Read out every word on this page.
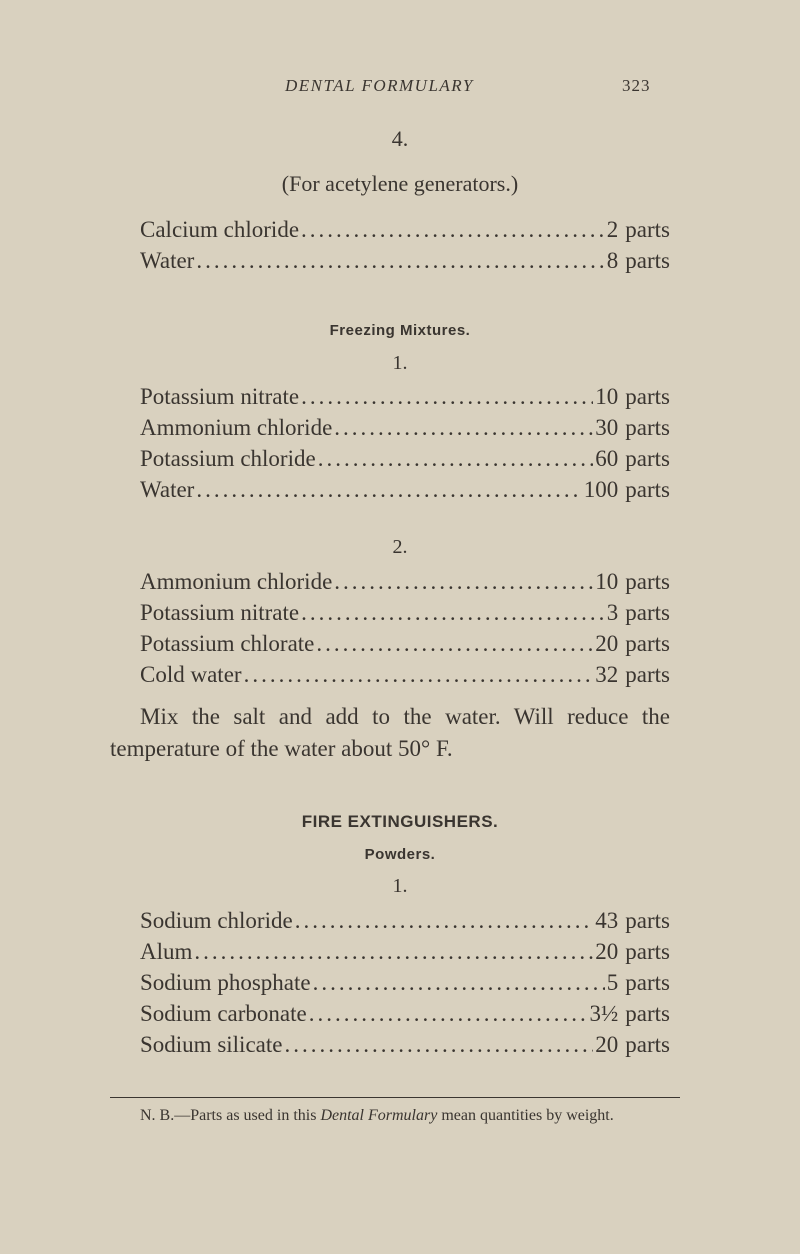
DENTAL FORMULARY	323
4.
(For acetylene generators.)
Calcium chloride .....	2 parts
Water .....	8 parts
Freezing Mixtures.
1.
Potassium nitrate .....	10 parts
Ammonium chloride .....	30 parts
Potassium chloride .....	60 parts
Water .....	100 parts
2.
Ammonium chloride .....	10 parts
Potassium nitrate .....	3 parts
Potassium chlorate .....	20 parts
Cold water .....	32 parts
Mix the salt and add to the water. Will reduce the temperature of the water about 50° F.
FIRE EXTINGUISHERS.
Powders.
1.
Sodium chloride .....	43 parts
Alum .....	20 parts
Sodium phosphate .....	5 parts
Sodium carbonate .....	3½ parts
Sodium silicate .....	20 parts
N. B.—Parts as used in this Dental Formulary mean quantities by weight.
